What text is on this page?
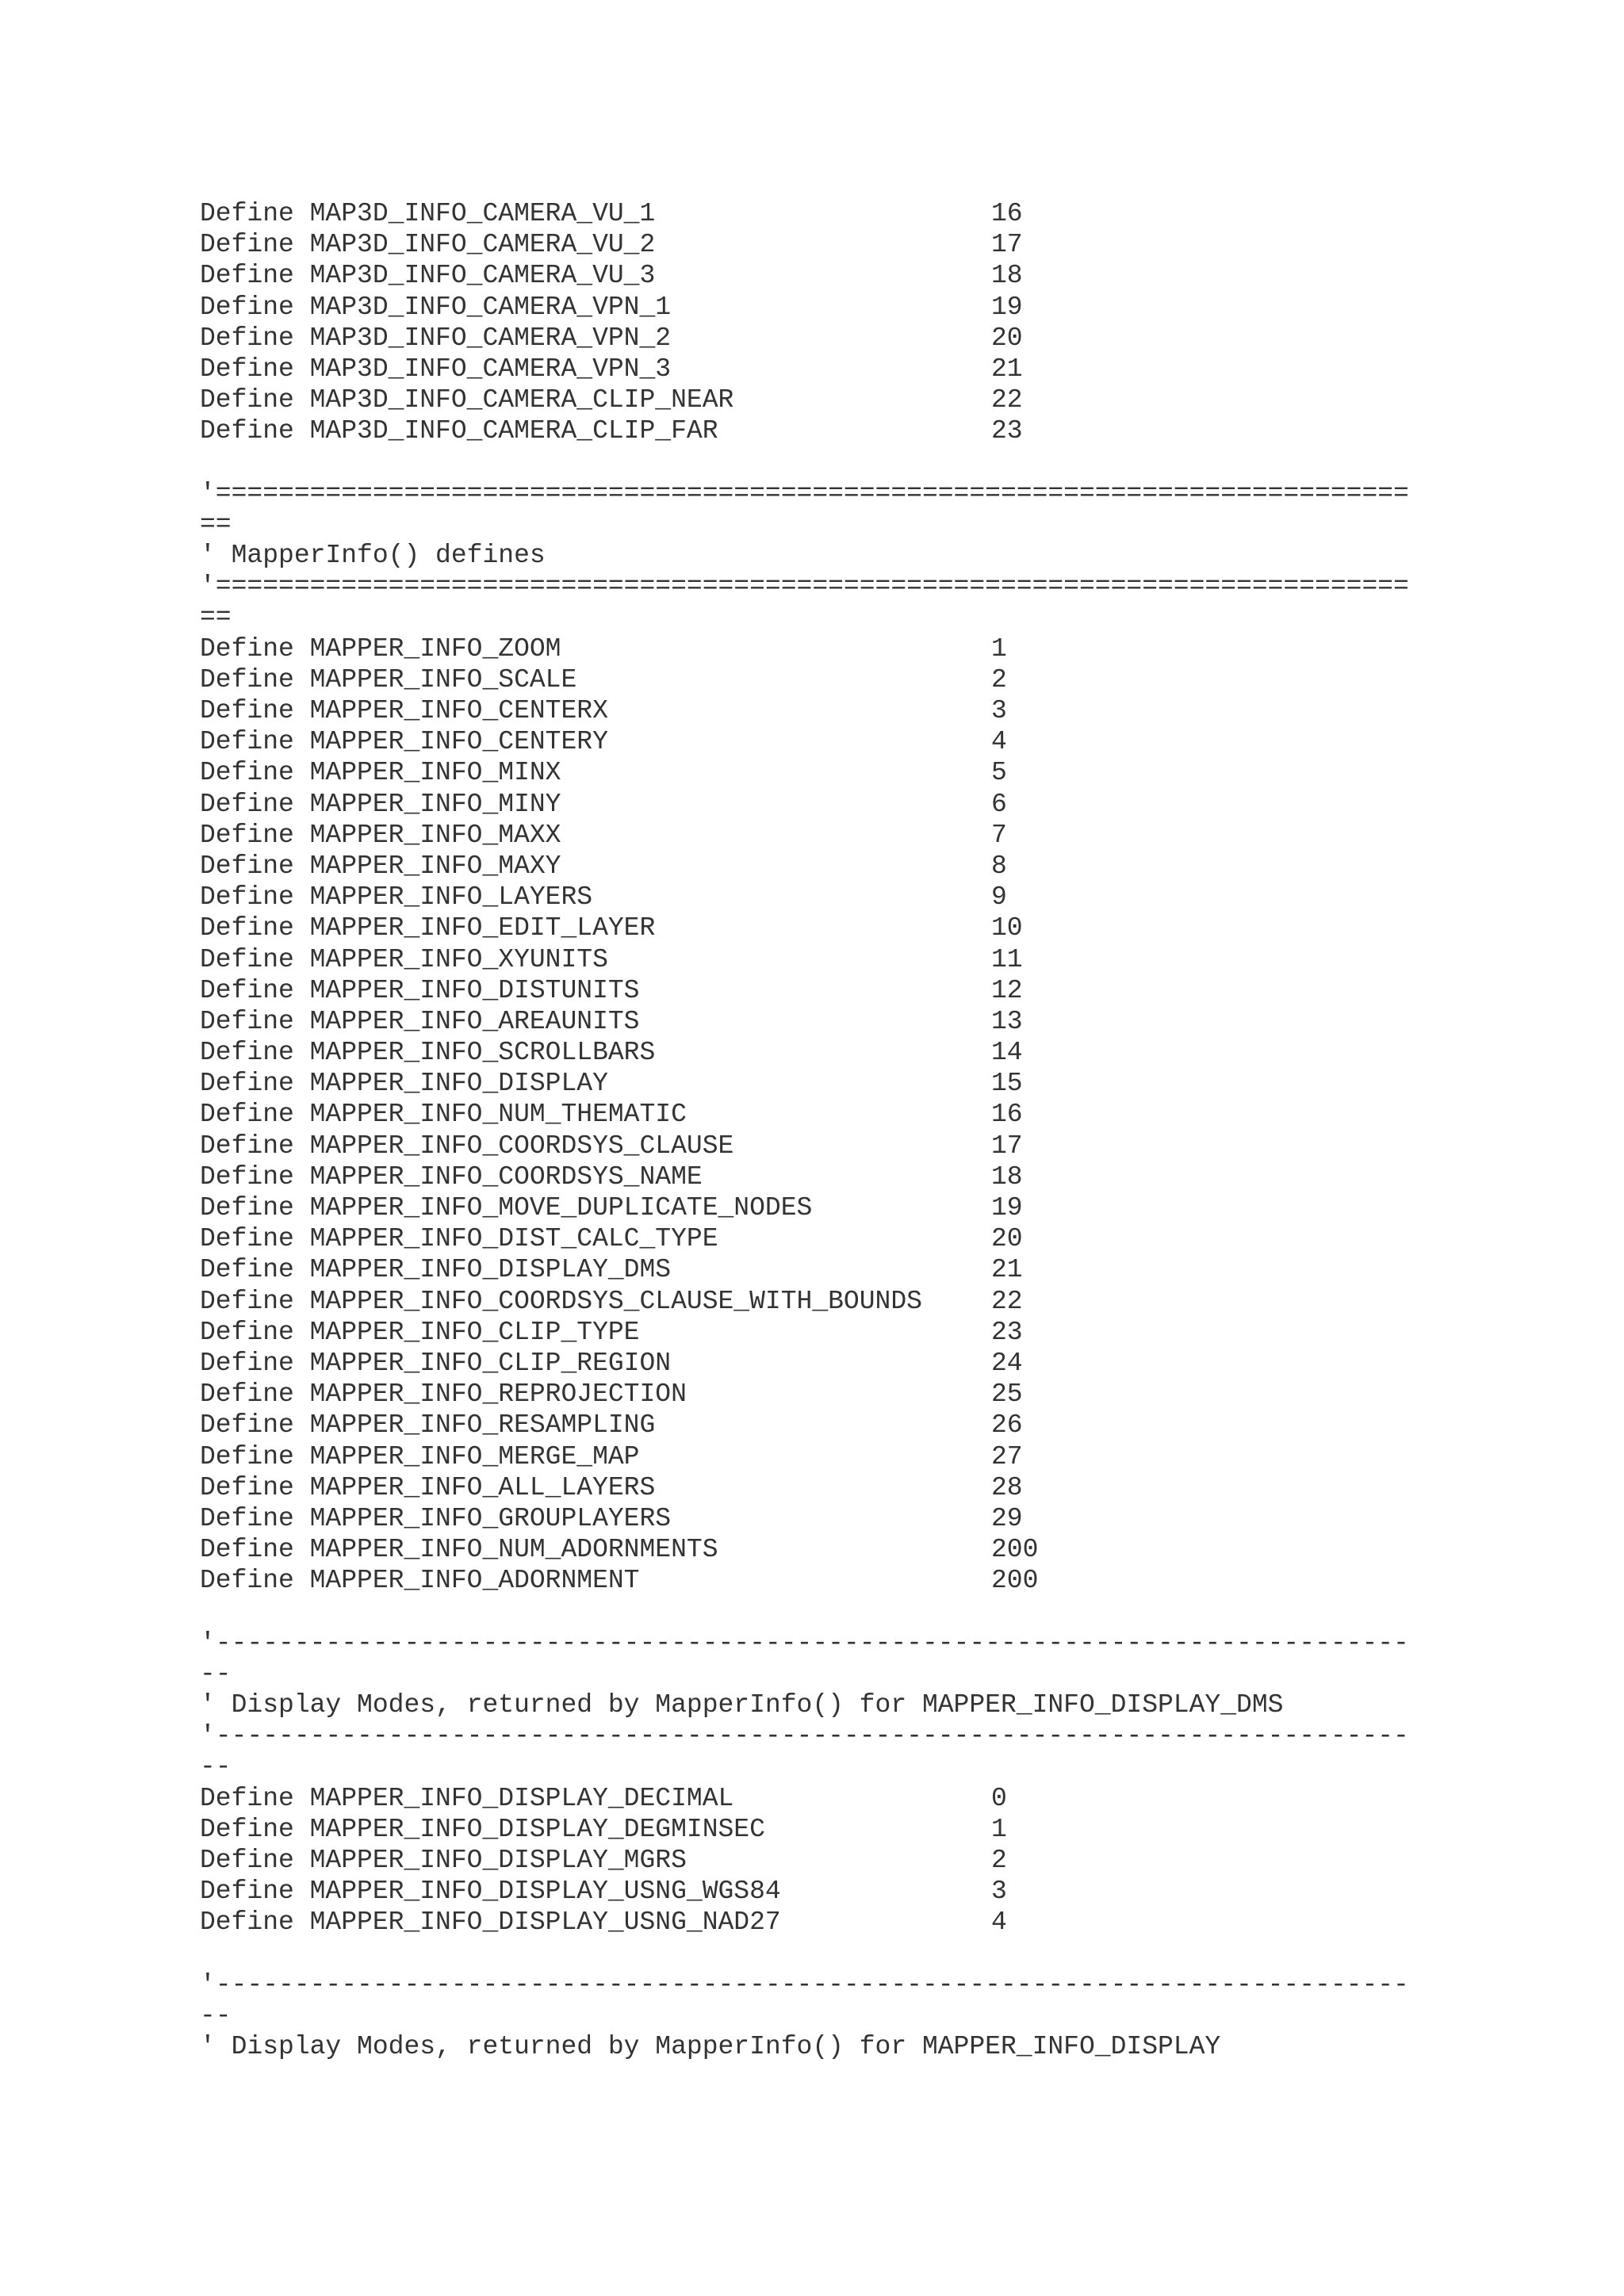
Define MAP3D_INFO_CAMERA_VU_1	16
Define MAP3D_INFO_CAMERA_VU_2	17
Define MAP3D_INFO_CAMERA_VU_3	18
Define MAP3D_INFO_CAMERA_VPN_1	19
Define MAP3D_INFO_CAMERA_VPN_2	20
Define MAP3D_INFO_CAMERA_VPN_3	21
Define MAP3D_INFO_CAMERA_CLIP_NEAR	22
Define MAP3D_INFO_CAMERA_CLIP_FAR	23
'============================================================================
==
' MapperInfo() defines
'============================================================================
==
Define MAPPER_INFO_ZOOM	1
Define MAPPER_INFO_SCALE	2
Define MAPPER_INFO_CENTERX	3
Define MAPPER_INFO_CENTERY	4
Define MAPPER_INFO_MINX	5
Define MAPPER_INFO_MINY	6
Define MAPPER_INFO_MAXX	7
Define MAPPER_INFO_MAXY	8
Define MAPPER_INFO_LAYERS	9
Define MAPPER_INFO_EDIT_LAYER	10
Define MAPPER_INFO_XYUNITS	11
Define MAPPER_INFO_DISTUNITS	12
Define MAPPER_INFO_AREAUNITS	13
Define MAPPER_INFO_SCROLLBARS	14
Define MAPPER_INFO_DISPLAY	15
Define MAPPER_INFO_NUM_THEMATIC	16
Define MAPPER_INFO_COORDSYS_CLAUSE	17
Define MAPPER_INFO_COORDSYS_NAME	18
Define MAPPER_INFO_MOVE_DUPLICATE_NODES	19
Define MAPPER_INFO_DIST_CALC_TYPE	20
Define MAPPER_INFO_DISPLAY_DMS	21
Define MAPPER_INFO_COORDSYS_CLAUSE_WITH_BOUNDS	22
Define MAPPER_INFO_CLIP_TYPE	23
Define MAPPER_INFO_CLIP_REGION	24
Define MAPPER_INFO_REPROJECTION	25
Define MAPPER_INFO_RESAMPLING	26
Define MAPPER_INFO_MERGE_MAP	27
Define MAPPER_INFO_ALL_LAYERS	28
Define MAPPER_INFO_GROUPLAYERS	29
Define MAPPER_INFO_NUM_ADORNMENTS	200
Define MAPPER_INFO_ADORNMENT	200
'----------------------------------------------------------------------------
--
' Display Modes, returned by MapperInfo() for MAPPER_INFO_DISPLAY_DMS
'----------------------------------------------------------------------------
--
Define MAPPER_INFO_DISPLAY_DECIMAL	0
Define MAPPER_INFO_DISPLAY_DEGMINSEC	1
Define MAPPER_INFO_DISPLAY_MGRS	2
Define MAPPER_INFO_DISPLAY_USNG_WGS84	3
Define MAPPER_INFO_DISPLAY_USNG_NAD27	4
'----------------------------------------------------------------------------
--
' Display Modes, returned by MapperInfo() for MAPPER_INFO_DISPLAY
